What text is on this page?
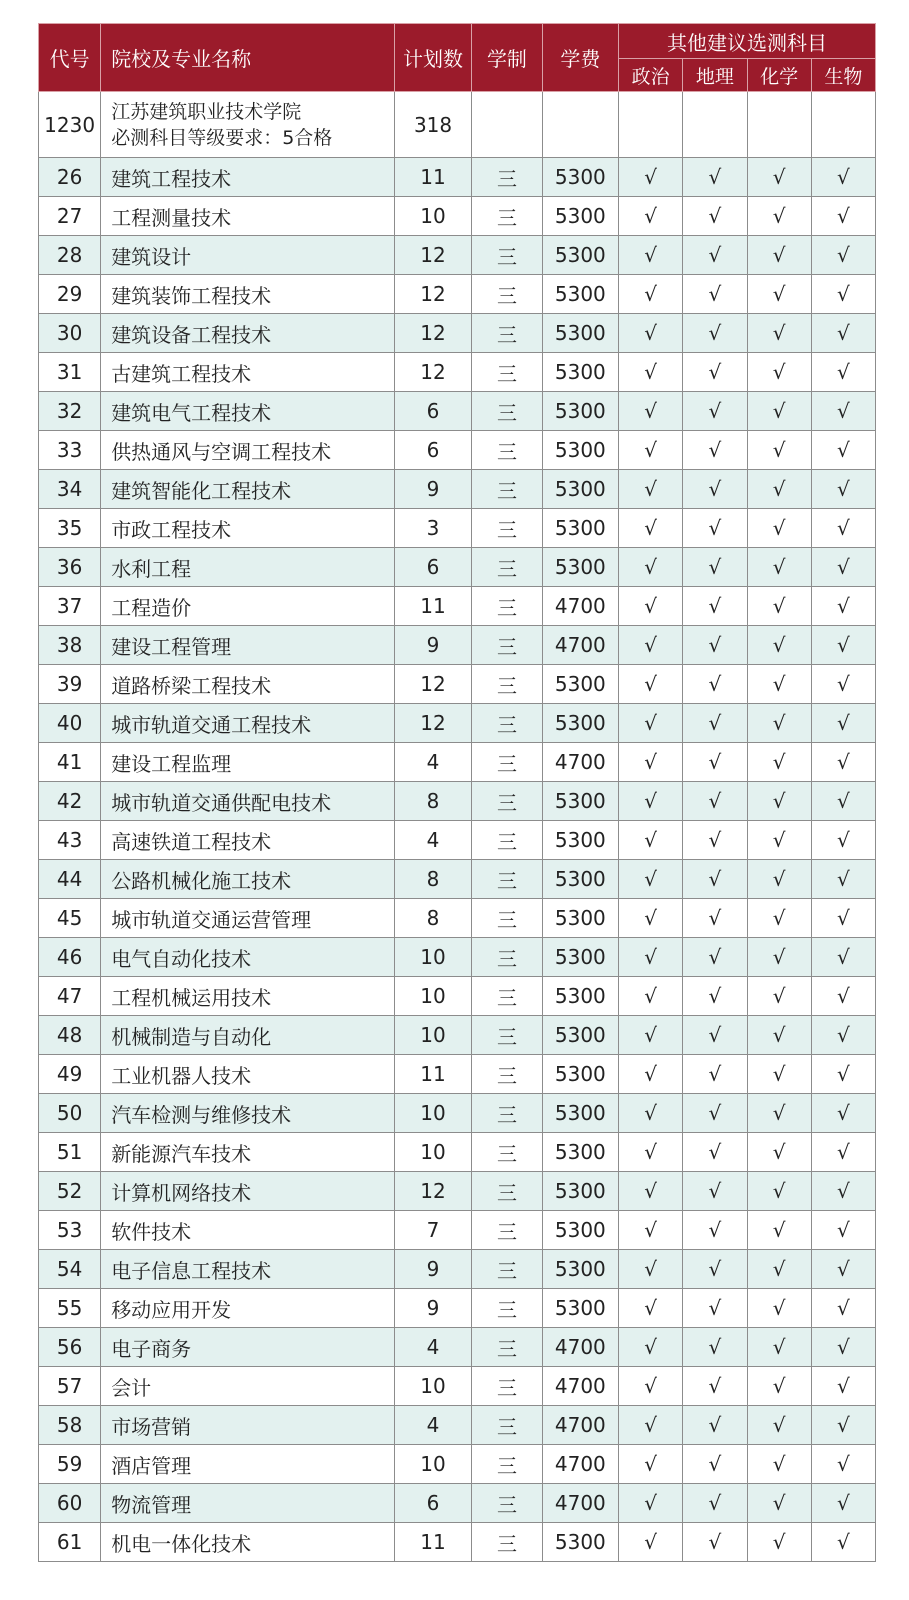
代号	院校及专业名称	计划数	学制	学费	其他建议选测科目			
					政治	地理	化学	生物
1230	江苏建筑职业技术学院
必测科目等级要求：5合格	318						
26	建筑工程技术	11	三	5300	√	√	√	√
27	工程测量技术	10	三	5300	√	√	√	√
28	建筑设计	12	三	5300	√	√	√	√
29	建筑装饰工程技术	12	三	5300	√	√	√	√
30	建筑设备工程技术	12	三	5300	√	√	√	√
31	古建筑工程技术	12	三	5300	√	√	√	√
32	建筑电气工程技术	6	三	5300	√	√	√	√
33	供热通风与空调工程技术	6	三	5300	√	√	√	√
34	建筑智能化工程技术	9	三	5300	√	√	√	√
35	市政工程技术	3	三	5300	√	√	√	√
36	水利工程	6	三	5300	√	√	√	√
37	工程造价	11	三	4700	√	√	√	√
38	建设工程管理	9	三	4700	√	√	√	√
39	道路桥梁工程技术	12	三	5300	√	√	√	√
40	城市轨道交通工程技术	12	三	5300	√	√	√	√
41	建设工程监理	4	三	4700	√	√	√	√
42	城市轨道交通供配电技术	8	三	5300	√	√	√	√
43	高速铁道工程技术	4	三	5300	√	√	√	√
44	公路机械化施工技术	8	三	5300	√	√	√	√
45	城市轨道交通运营管理	8	三	5300	√	√	√	√
46	电气自动化技术	10	三	5300	√	√	√	√
47	工程机械运用技术	10	三	5300	√	√	√	√
48	机械制造与自动化	10	三	5300	√	√	√	√
49	工业机器人技术	11	三	5300	√	√	√	√
50	汽车检测与维修技术	10	三	5300	√	√	√	√
51	新能源汽车技术	10	三	5300	√	√	√	√
52	计算机网络技术	12	三	5300	√	√	√	√
53	软件技术	7	三	5300	√	√	√	√
54	电子信息工程技术	9	三	5300	√	√	√	√
55	移动应用开发	9	三	5300	√	√	√	√
56	电子商务	4	三	4700	√	√	√	√
57	会计	10	三	4700	√	√	√	√
58	市场营销	4	三	4700	√	√	√	√
59	酒店管理	10	三	4700	√	√	√	√
60	物流管理	6	三	4700	√	√	√	√
61	机电一体化技术	11	三	5300	√	√	√	√
